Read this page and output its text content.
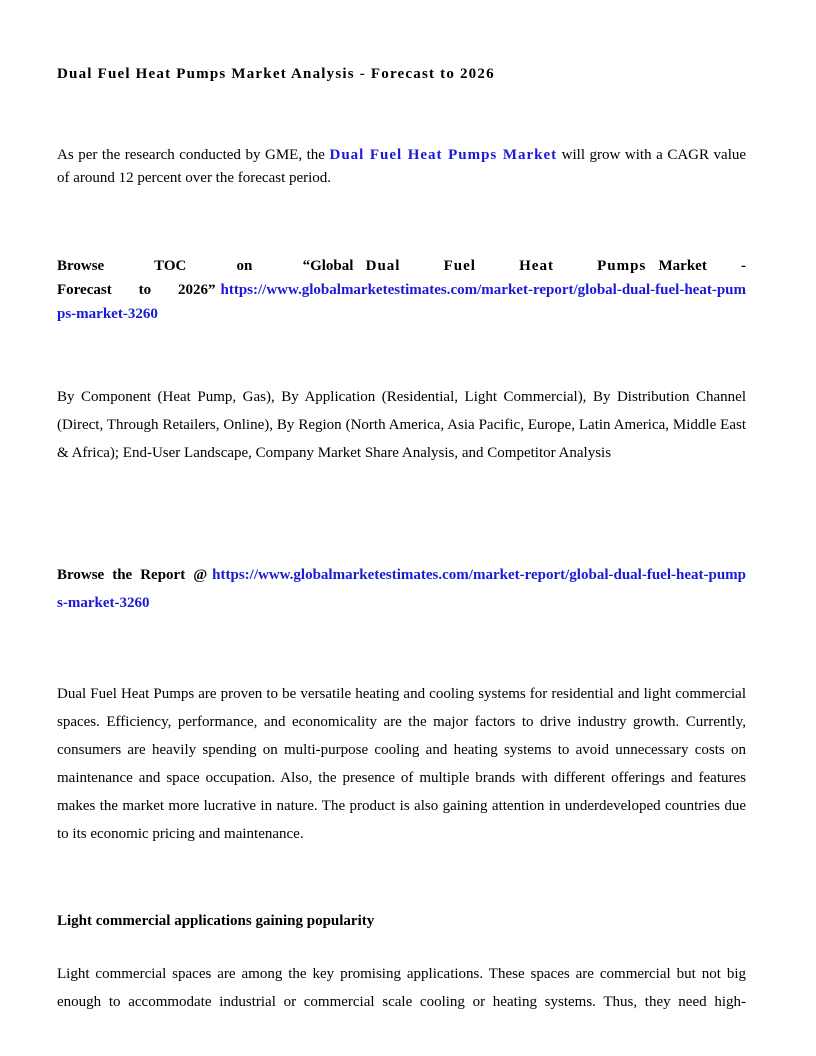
Dual Fuel Heat Pumps Market Analysis - Forecast to 2026
As per the research conducted by GME, the Dual Fuel Heat Pumps Market will grow with a CAGR value of around 12 percent over the forecast period.
Browse TOC on “Global Dual Fuel Heat Pumps Market - Forecast to 2026” https://www.globalmarketestimates.com/market-report/global-dual-fuel-heat-pumps-market-3260
By Component (Heat Pump, Gas), By Application (Residential, Light Commercial), By Distribution Channel (Direct, Through Retailers, Online), By Region (North America, Asia Pacific, Europe, Latin America, Middle East & Africa); End-User Landscape, Company Market Share Analysis, and Competitor Analysis
Browse the Report @ https://www.globalmarketestimates.com/market-report/global-dual-fuel-heat-pumps-market-3260
Dual Fuel Heat Pumps are proven to be versatile heating and cooling systems for residential and light commercial spaces. Efficiency, performance, and economicality are the major factors to drive industry growth. Currently, consumers are heavily spending on multi-purpose cooling and heating systems to avoid unnecessary costs on maintenance and space occupation. Also, the presence of multiple brands with different offerings and features makes the market more lucrative in nature. The product is also gaining attention in underdeveloped countries due to its economic pricing and maintenance.
Light commercial applications gaining popularity
Light commercial spaces are among the key promising applications. These spaces are commercial but not big enough to accommodate industrial or commercial scale cooling or heating systems. Thus, they need high-
